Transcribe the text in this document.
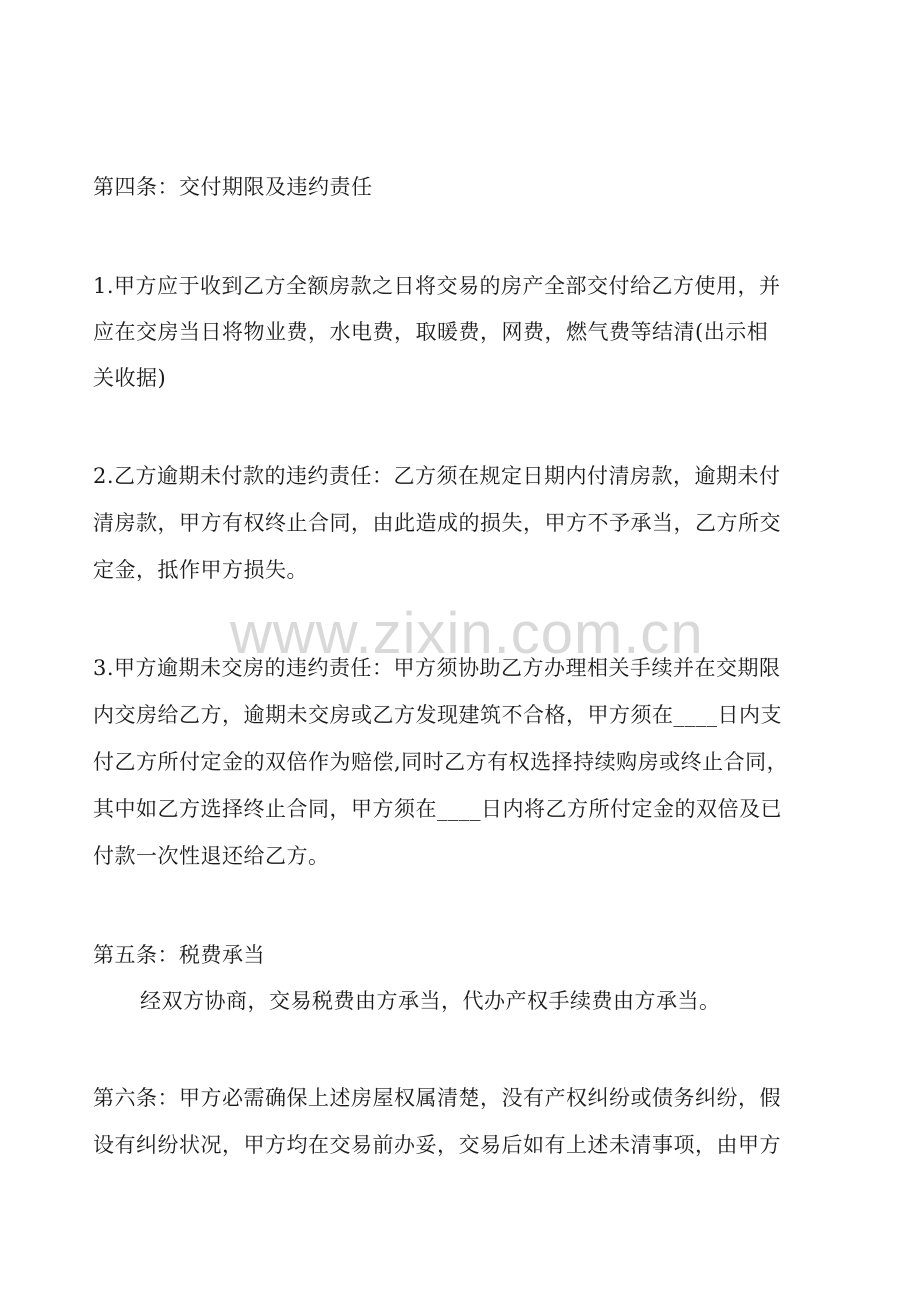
第四条：交付期限及违约责任
1.甲方应于收到乙方全额房款之日将交易的房产全部交付给乙方使用，并
应在交房当日将物业费，水电费，取暖费，网费，燃气费等结清(出示相
关收据)
2.乙方逾期未付款的违约责任：乙方须在规定日期内付清房款，逾期未付
清房款，甲方有权终止合同，由此造成的损失，甲方不予承当，乙方所交
定金，抵作甲方损失。
www.zixin.com.cn
3.甲方逾期未交房的违约责任：甲方须协助乙方办理相关手续并在交期限
内交房给乙方，逾期未交房或乙方发现建筑不合格，甲方须在____日内支
付乙方所付定金的双倍作为赔偿,同时乙方有权选择持续购房或终止合同，
其中如乙方选择终止合同，甲方须在____日内将乙方所付定金的双倍及已
付款一次性退还给乙方。
第五条：税费承当
经双方协商，交易税费由方承当，代办产权手续费由方承当。
第六条：甲方必需确保上述房屋权属清楚，没有产权纠纷或债务纠纷，假
设有纠纷状况，甲方均在交易前办妥，交易后如有上述未清事项，由甲方
